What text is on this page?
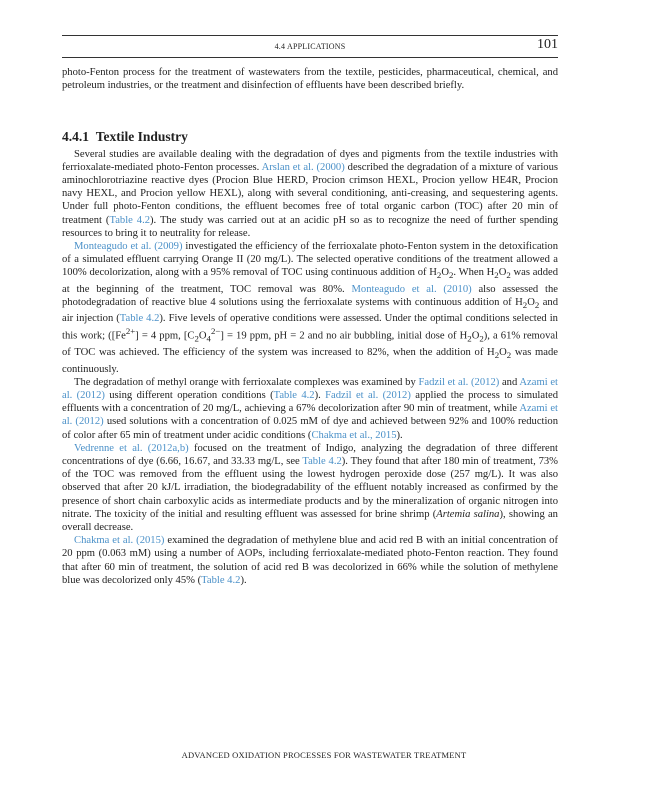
4.4 APPLICATIONS	101

photo-Fenton process for the treatment of wastewaters from the textile, pesticides, pharmaceutical, chemical, and petroleum industries, or the treatment and disinfection of effluents have been described briefly.

4.4.1 Textile Industry

Several studies are available dealing with the degradation of dyes and pigments from the textile industries with ferrioxalate-mediated photo-Fenton processes. Arslan et al. (2000) described the degradation of a mixture of various aminochlorotriazine reactive dyes (Procion Blue HERD, Procion crimson HEXL, Procion yellow HE4R, Procion navy HEXL, and Procion yellow HEXL), along with several conditioning, anti-creasing, and sequestering agents. Under full photo-Fenton conditions, the effluent becomes free of total organic carbon (TOC) after 20 min of treatment (Table 4.2). The study was carried out at an acidic pH so as to recognize the need of further spending resources to bring it to neutrality for release.

Monteagudo et al. (2009) investigated the efficiency of the ferrioxalate photo-Fenton system in the detoxification of a simulated effluent carrying Orange II (20 mg/L). The selected operative conditions of the treatment allowed a 100% decolorization, along with a 95% removal of TOC using continuous addition of $H_2O_2$. When $H_2O_2$ was added at the beginning of the treatment, TOC removal was 80%. Monteagudo et al. (2010) also assessed the photodegradation of reactive blue 4 solutions using the ferrioxalate systems with continuous addition of $H_2O_2$ and air injection (Table 4.2). Five levels of operative conditions were assessed. Under the optimal conditions selected in this work; ($[Fe^{2+}] = 4$ ppm, $[C_2O_4^{2-}] = 19$ ppm, pH = 2 and no air bubbling, initial dose of $H_2O_2$), a 61% removal of TOC was achieved. The efficiency of the system was increased to 82%, when the addition of $H_2O_2$ was made continuously.

The degradation of methyl orange with ferrioxalate complexes was examined by Fadzil et al. (2012) and Azami et al. (2012) using different operation conditions (Table 4.2). Fadzil et al. (2012) applied the process to simulated effluents with a concentration of 20 mg/L, achieving a 67% decolorization after 90 min of treatment, while Azami et al. (2012) used solutions with a concentration of 0.025 mM of dye and achieved between 92% and 100% reduction of color after 65 min of treatment under acidic conditions (Chakma et al., 2015).

Vedrenne et al. (2012a,b) focused on the treatment of Indigo, analyzing the degradation of three different concentrations of dye (6.66, 16.67, and 33.33 mg/L, see Table 4.2). They found that after 180 min of treatment, 73% of the TOC was removed from the effluent using the lowest hydrogen peroxide dose (257 mg/L). It was also observed that after 20 kJ/L irradiation, the biodegradability of the effluent notably increased as confirmed by the presence of short chain carboxylic acids as intermediate products and by the mineralization of organic nitrogen into nitrate. The toxicity of the initial and resulting effluent was assessed for brine shrimp (Artemia salina), showing an overall decrease.

Chakma et al. (2015) examined the degradation of methylene blue and acid red B with an initial concentration of 20 ppm (0.063 mM) using a number of AOPs, including ferrioxalate-mediated photo-Fenton reaction. They found that after 60 min of treatment, the solution of acid red B was decolorized in 66% while the solution of methylene blue was decolorized only 45% (Table 4.2).

ADVANCED OXIDATION PROCESSES FOR WASTEWATER TREATMENT
